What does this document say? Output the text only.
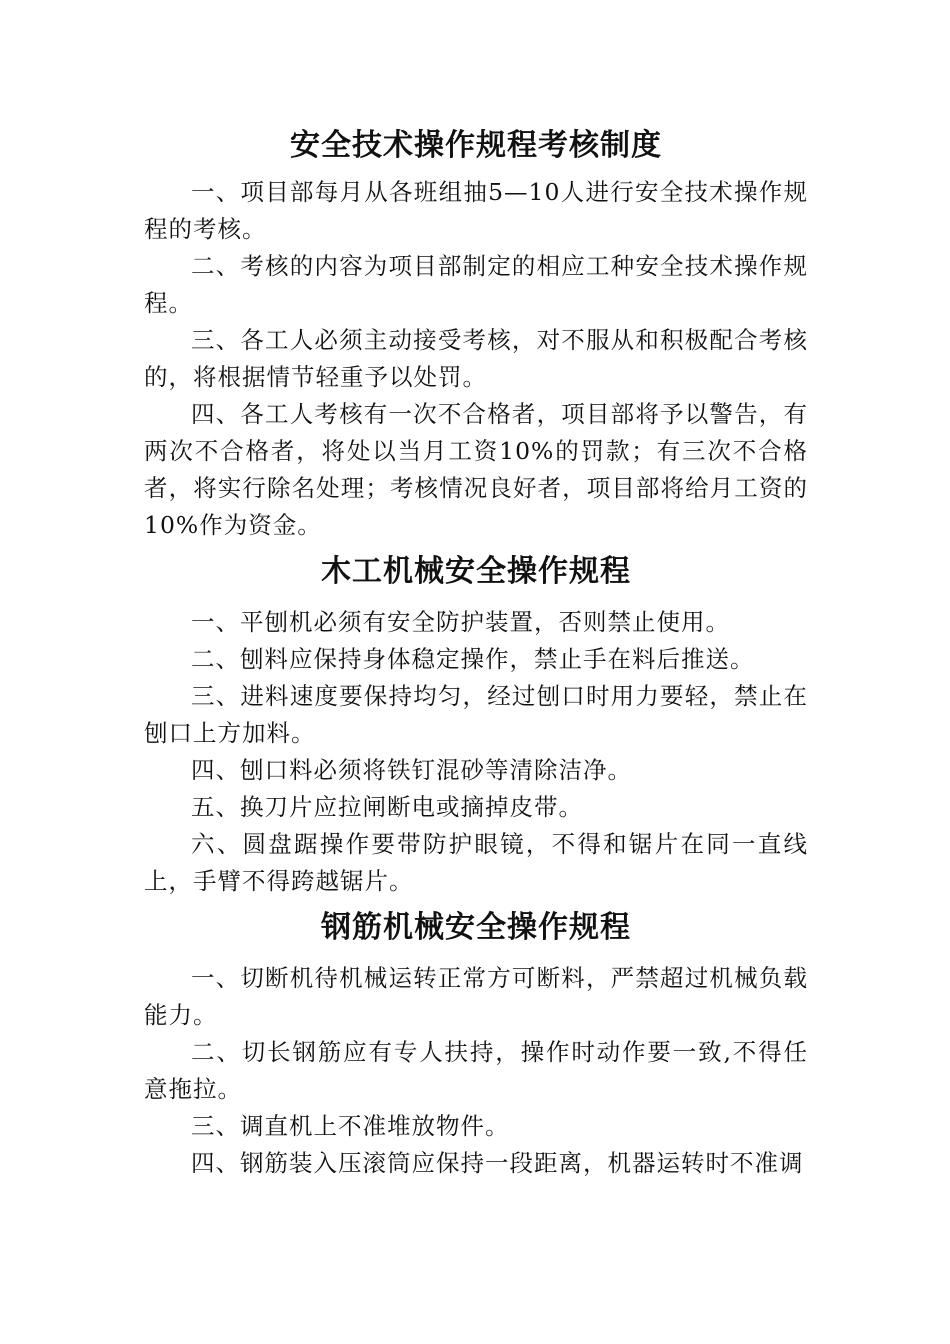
安全技术操作规程考核制度

一、项目部每月从各班组抽5—10人进行安全技术操作规程的考核。

二、考核的内容为项目部制定的相应工种安全技术操作规程。

三、各工人必须主动接受考核，对不服从和积极配合考核的，将根据情节轻重予以处罚。

四、各工人考核有一次不合格者，项目部将予以警告，有两次不合格者，将处以当月工资10%的罚款；有三次不合格者，将实行除名处理；考核情况良好者，项目部将给月工资的10%作为资金。

木工机械安全操作规程

一、平刨机必须有安全防护装置，否则禁止使用。

二、刨料应保持身体稳定操作，禁止手在料后推送。

三、进料速度要保持均匀，经过刨口时用力要轻，禁止在刨口上方加料。

四、刨口料必须将铁钉混砂等清除洁净。

五、换刀片应拉闸断电或摘掉皮带。

六、圆盘踞操作要带防护眼镜，不得和锯片在同一直线上，手臂不得跨越锯片。

钢筋机械安全操作规程

一、切断机待机械运转正常方可断料，严禁超过机械负载能力。

二、切长钢筋应有专人扶持，操作时动作要一致,不得任意拖拉。

三、调直机上不准堆放物件。

四、钢筋装入压滚筒应保持一段距离，机器运转时不准调
